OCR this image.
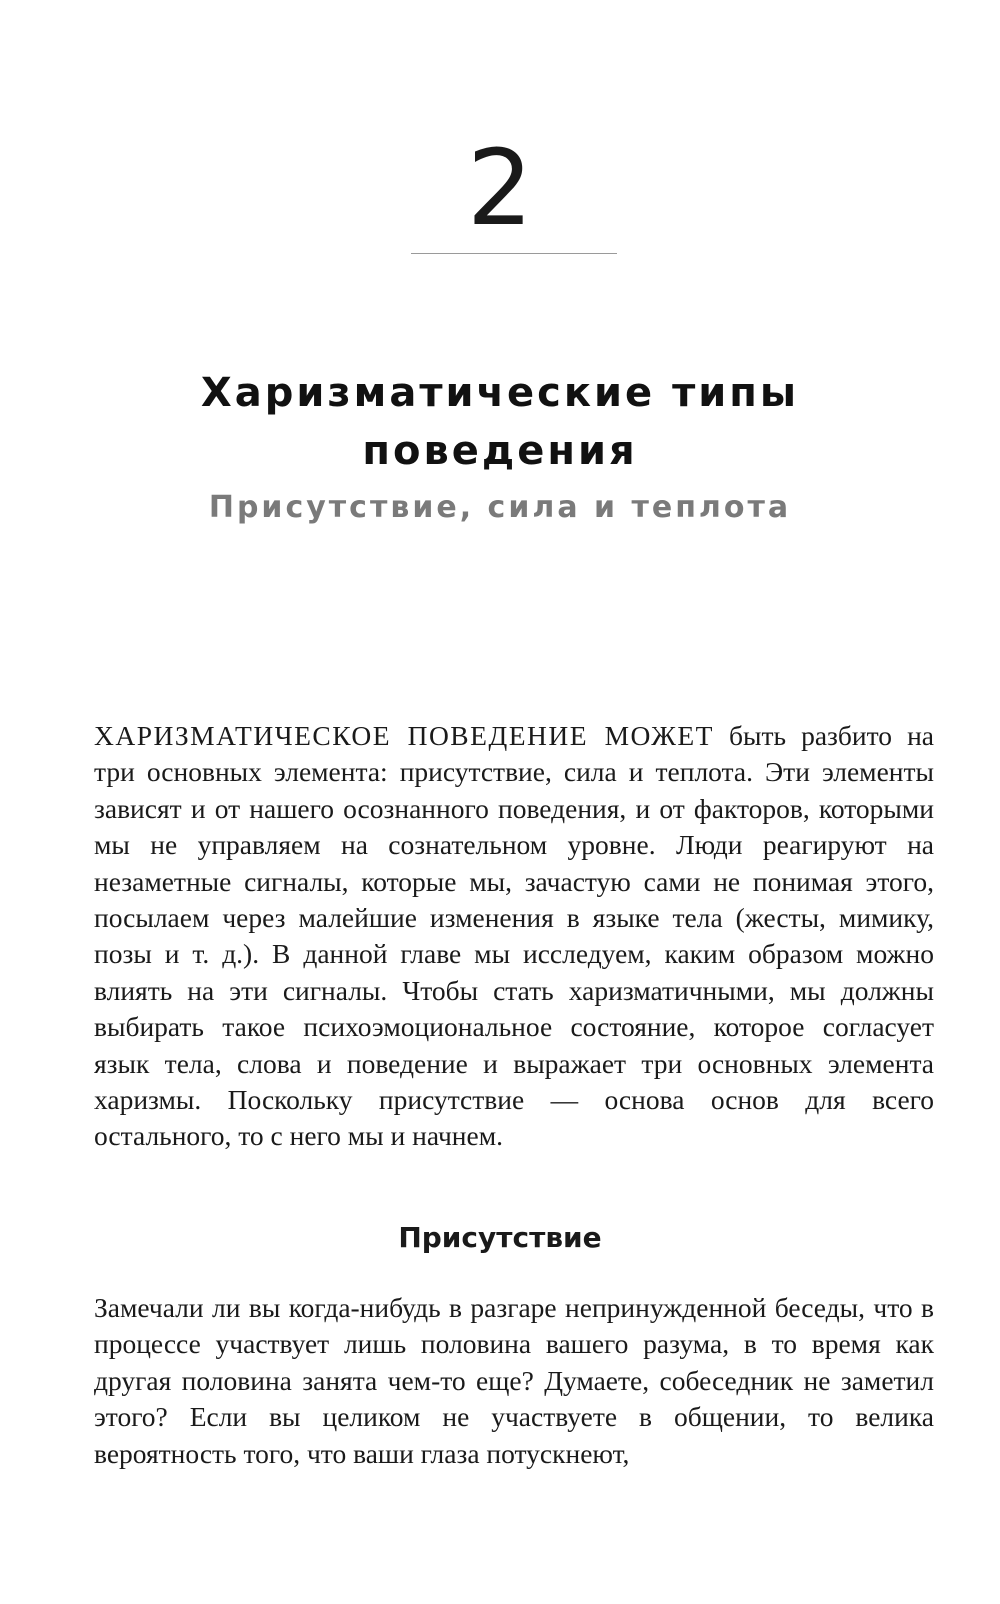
2
Харизматические типы
поведения
Присутствие, сила и теплота

ХАРИЗМАТИЧЕСКОЕ ПОВЕДЕНИЕ МОЖЕТ быть разбито на три основных элемента: присутствие, сила и теплота. Эти элементы зависят и от нашего осознанного поведения, и от факторов, которыми мы не управляем на сознательном уровне. Люди реагируют на незаметные сигналы, которые мы, зачастую сами не понимая этого, посылаем через малейшие изменения в языке тела (жесты, мимику, позы и т. д.). В данной главе мы исследуем, каким образом можно влиять на эти сигналы. Чтобы стать харизматичными, мы должны выбирать такое психоэмоциональное состояние, которое согласует язык тела, слова и поведение и выражает три основных элемента харизмы. Поскольку присутствие — основа основ для всего остального, то с него мы и начнем.

Присутствие

Замечали ли вы когда-нибудь в разгаре непринужденной беседы, что в процессе участвует лишь половина вашего разума, в то время как другая половина занята чем-то еще? Думаете, собеседник не заметил этого? Если вы целиком не участвуете в общении, то велика вероятность того, что ваши глаза потускнеют,
